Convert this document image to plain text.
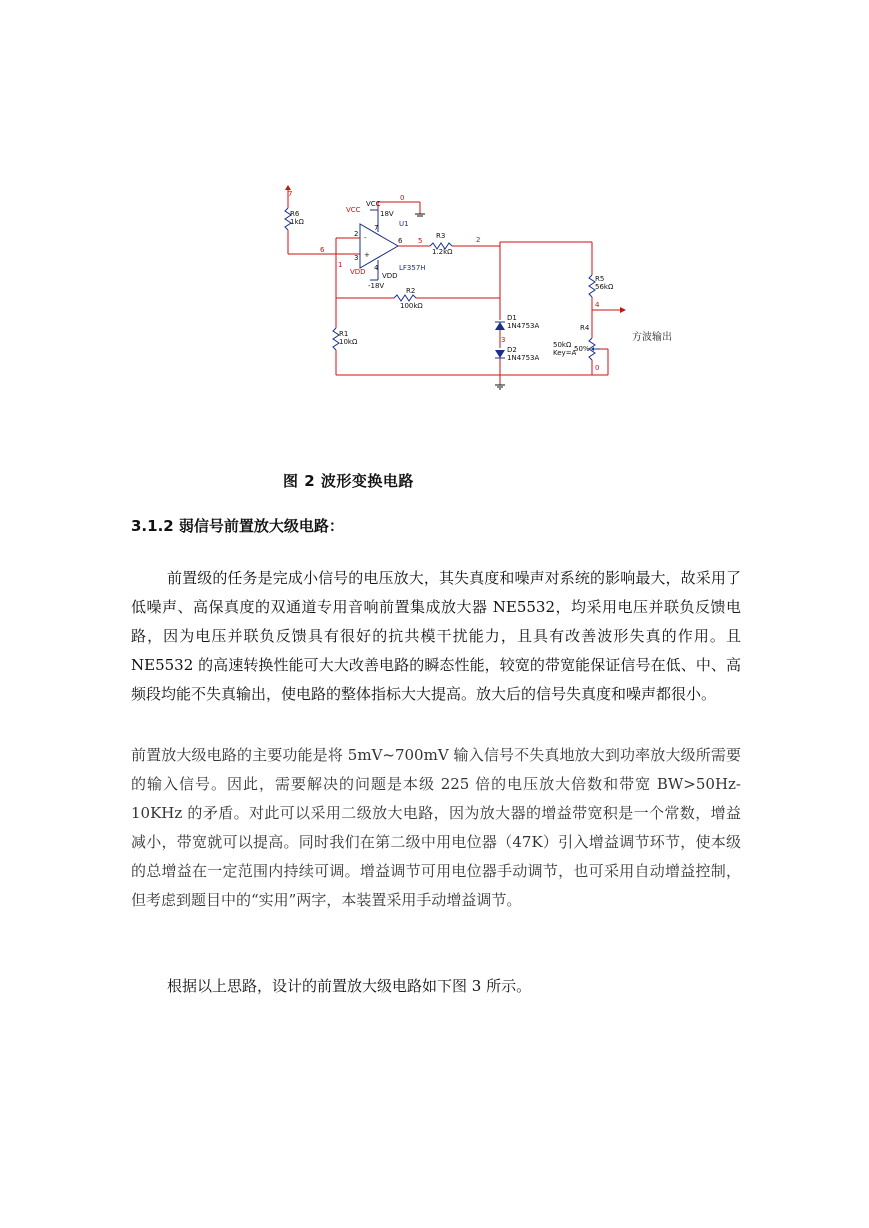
7
R6
1kΩ
6
1
VCC
VCC
18V
0
U1
-
+
2
3
7
4
6 5
R3
1.2kΩ
2
VDD VDD
-18V
LF357H
R2
100kΩ
R1
10kΩ
D1
1N4753A
3
D2
1N4753A
R5
56kΩ
4
R4
50kΩ
Key=A
50%
0
方波输出
图 2 波形变换电路
3.1.2 弱信号前置放大级电路：

前置级的任务是完成小信号的电压放大，其失真度和噪声对系统的影响最大，故采用了低噪声、高保真度的双通道专用音响前置集成放大器 NE5532，均采用电压并联负反馈电路，因为电压并联负反馈具有很好的抗共模干扰能力，且具有改善波形失真的作用。且 NE5532 的高速转换性能可大大改善电路的瞬态性能，较宽的带宽能保证信号在低、中、高频段均能不失真输出，使电路的整体指标大大提高。放大后的信号失真度和噪声都很小。

前置放大级电路的主要功能是将 5mV~700mV 输入信号不失真地放大到功率放大级所需要的输入信号。因此，需要解决的问题是本级 225 倍的电压放大倍数和带宽 BW>50Hz-10KHz 的矛盾。对此可以采用二级放大电路，因为放大器的增益带宽积是一个常数，增益减小，带宽就可以提高。同时我们在第二级中用电位器（47K）引入增益调节环节，使本级的总增益在一定范围内持续可调。增益调节可用电位器手动调节，也可采用自动增益控制，但考虑到题目中的“实用”两字，本装置采用手动增益调节。

根据以上思路，设计的前置放大级电路如下图 3 所示。
